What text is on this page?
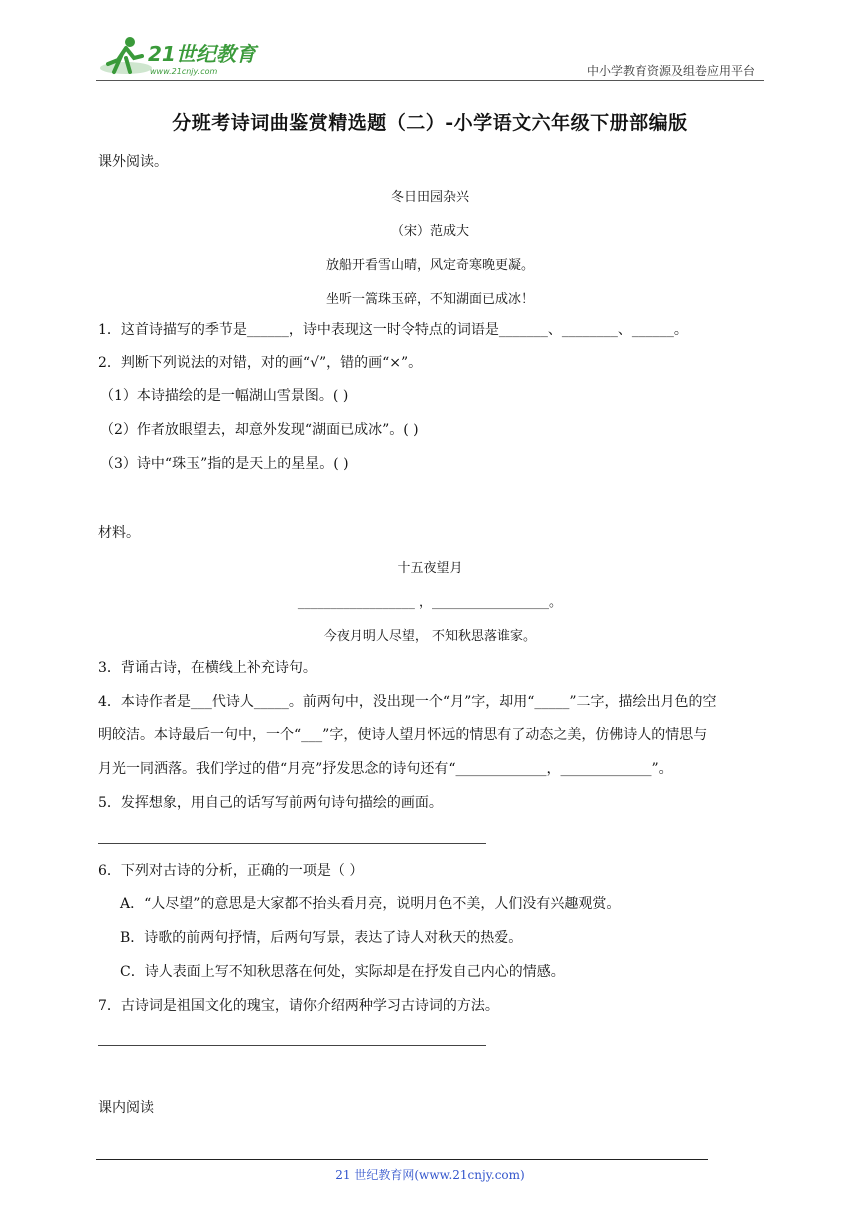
21世纪教育
www.21cnjy.com	中小学教育资源及组卷应用平台
分班考诗词曲鉴赏精选题（二）-小学语文六年级下册部编版
课外阅读。
冬日田园杂兴
（宋）范成大
放船开看雪山晴，风定奇寒晚更凝。
坐听一篙珠玉碎，不知湖面已成冰！
1．这首诗描写的季节是______，诗中表现这一时令特点的词语是_______、________、______。
2．判断下列说法的对错，对的画“√”，错的画“×”。
（1）本诗描绘的是一幅湖山雪景图。( )
（2）作者放眼望去，却意外发现“湖面已成冰”。( )
（3）诗中“珠玉”指的是天上的星星。( )
材料。
十五夜望月
__________________ ，__________________。
今夜月明人尽望， 不知秋思落谁家。
3．背诵古诗，在横线上补充诗句。
4．本诗作者是___代诗人_____。前两句中，没出现一个“月”字，却用“_____”二字，描绘出月色的空
明皎洁。本诗最后一句中，一个“___”字，使诗人望月怀远的情思有了动态之美，仿佛诗人的情思与
月光一同洒落。我们学过的借“月亮”抒发思念的诗句还有“_____________，_____________”。
5．发挥想象，用自己的话写写前两句诗句描绘的画面。
6．下列对古诗的分析，正确的一项是（ ）
A．“人尽望”的意思是大家都不抬头看月亮，说明月色不美，人们没有兴趣观赏。
B．诗歌的前两句抒情，后两句写景，表达了诗人对秋天的热爱。
C．诗人表面上写不知秋思落在何处，实际却是在抒发自己内心的情感。
7．古诗词是祖国文化的瑰宝，请你介绍两种学习古诗词的方法。
课内阅读
21 世纪教育网(www.21cnjy.com)
